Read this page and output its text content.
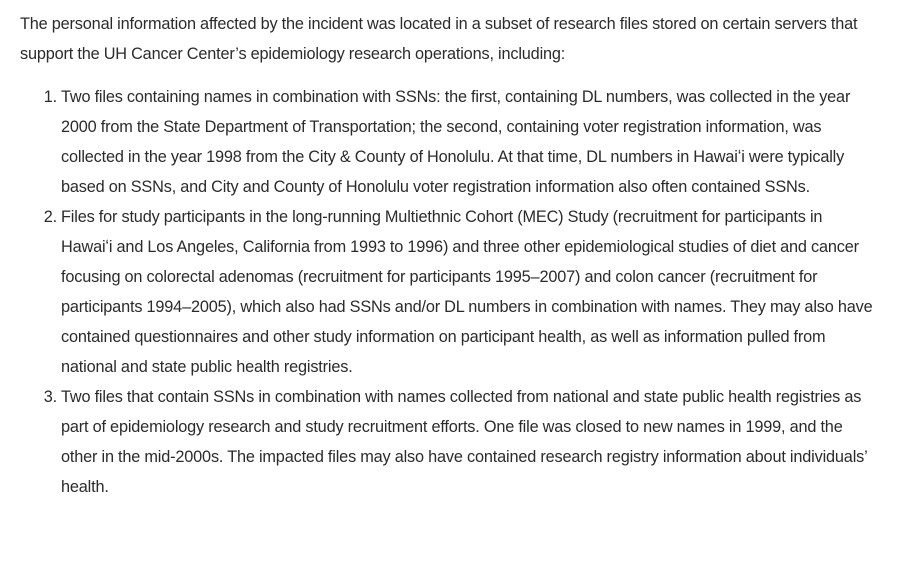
The personal information affected by the incident was located in a subset of research files stored on certain servers that support the UH Cancer Center’s epidemiology research operations, including:

Two files containing names in combination with SSNs: the first, containing DL numbers, was collected in the year 2000 from the State Department of Transportation; the second, containing voter registration information, was collected in the year 1998 from the City & County of Honolulu. At that time, DL numbers in Hawaiʻi were typically based on SSNs, and City and County of Honolulu voter registration information also often contained SSNs.
Files for study participants in the long-running Multiethnic Cohort (MEC) Study (recruitment for participants in Hawaiʻi and Los Angeles, California from 1993 to 1996) and three other epidemiological studies of diet and cancer focusing on colorectal adenomas (recruitment for participants 1995–2007) and colon cancer (recruitment for participants 1994–2005), which also had SSNs and/or DL numbers in combination with names. They may also have contained questionnaires and other study information on participant health, as well as information pulled from national and state public health registries.
Two files that contain SSNs in combination with names collected from national and state public health registries as part of epidemiology research and study recruitment efforts. One file was closed to new names in 1999, and the other in the mid-2000s. The impacted files may also have contained research registry information about individuals’ health.
